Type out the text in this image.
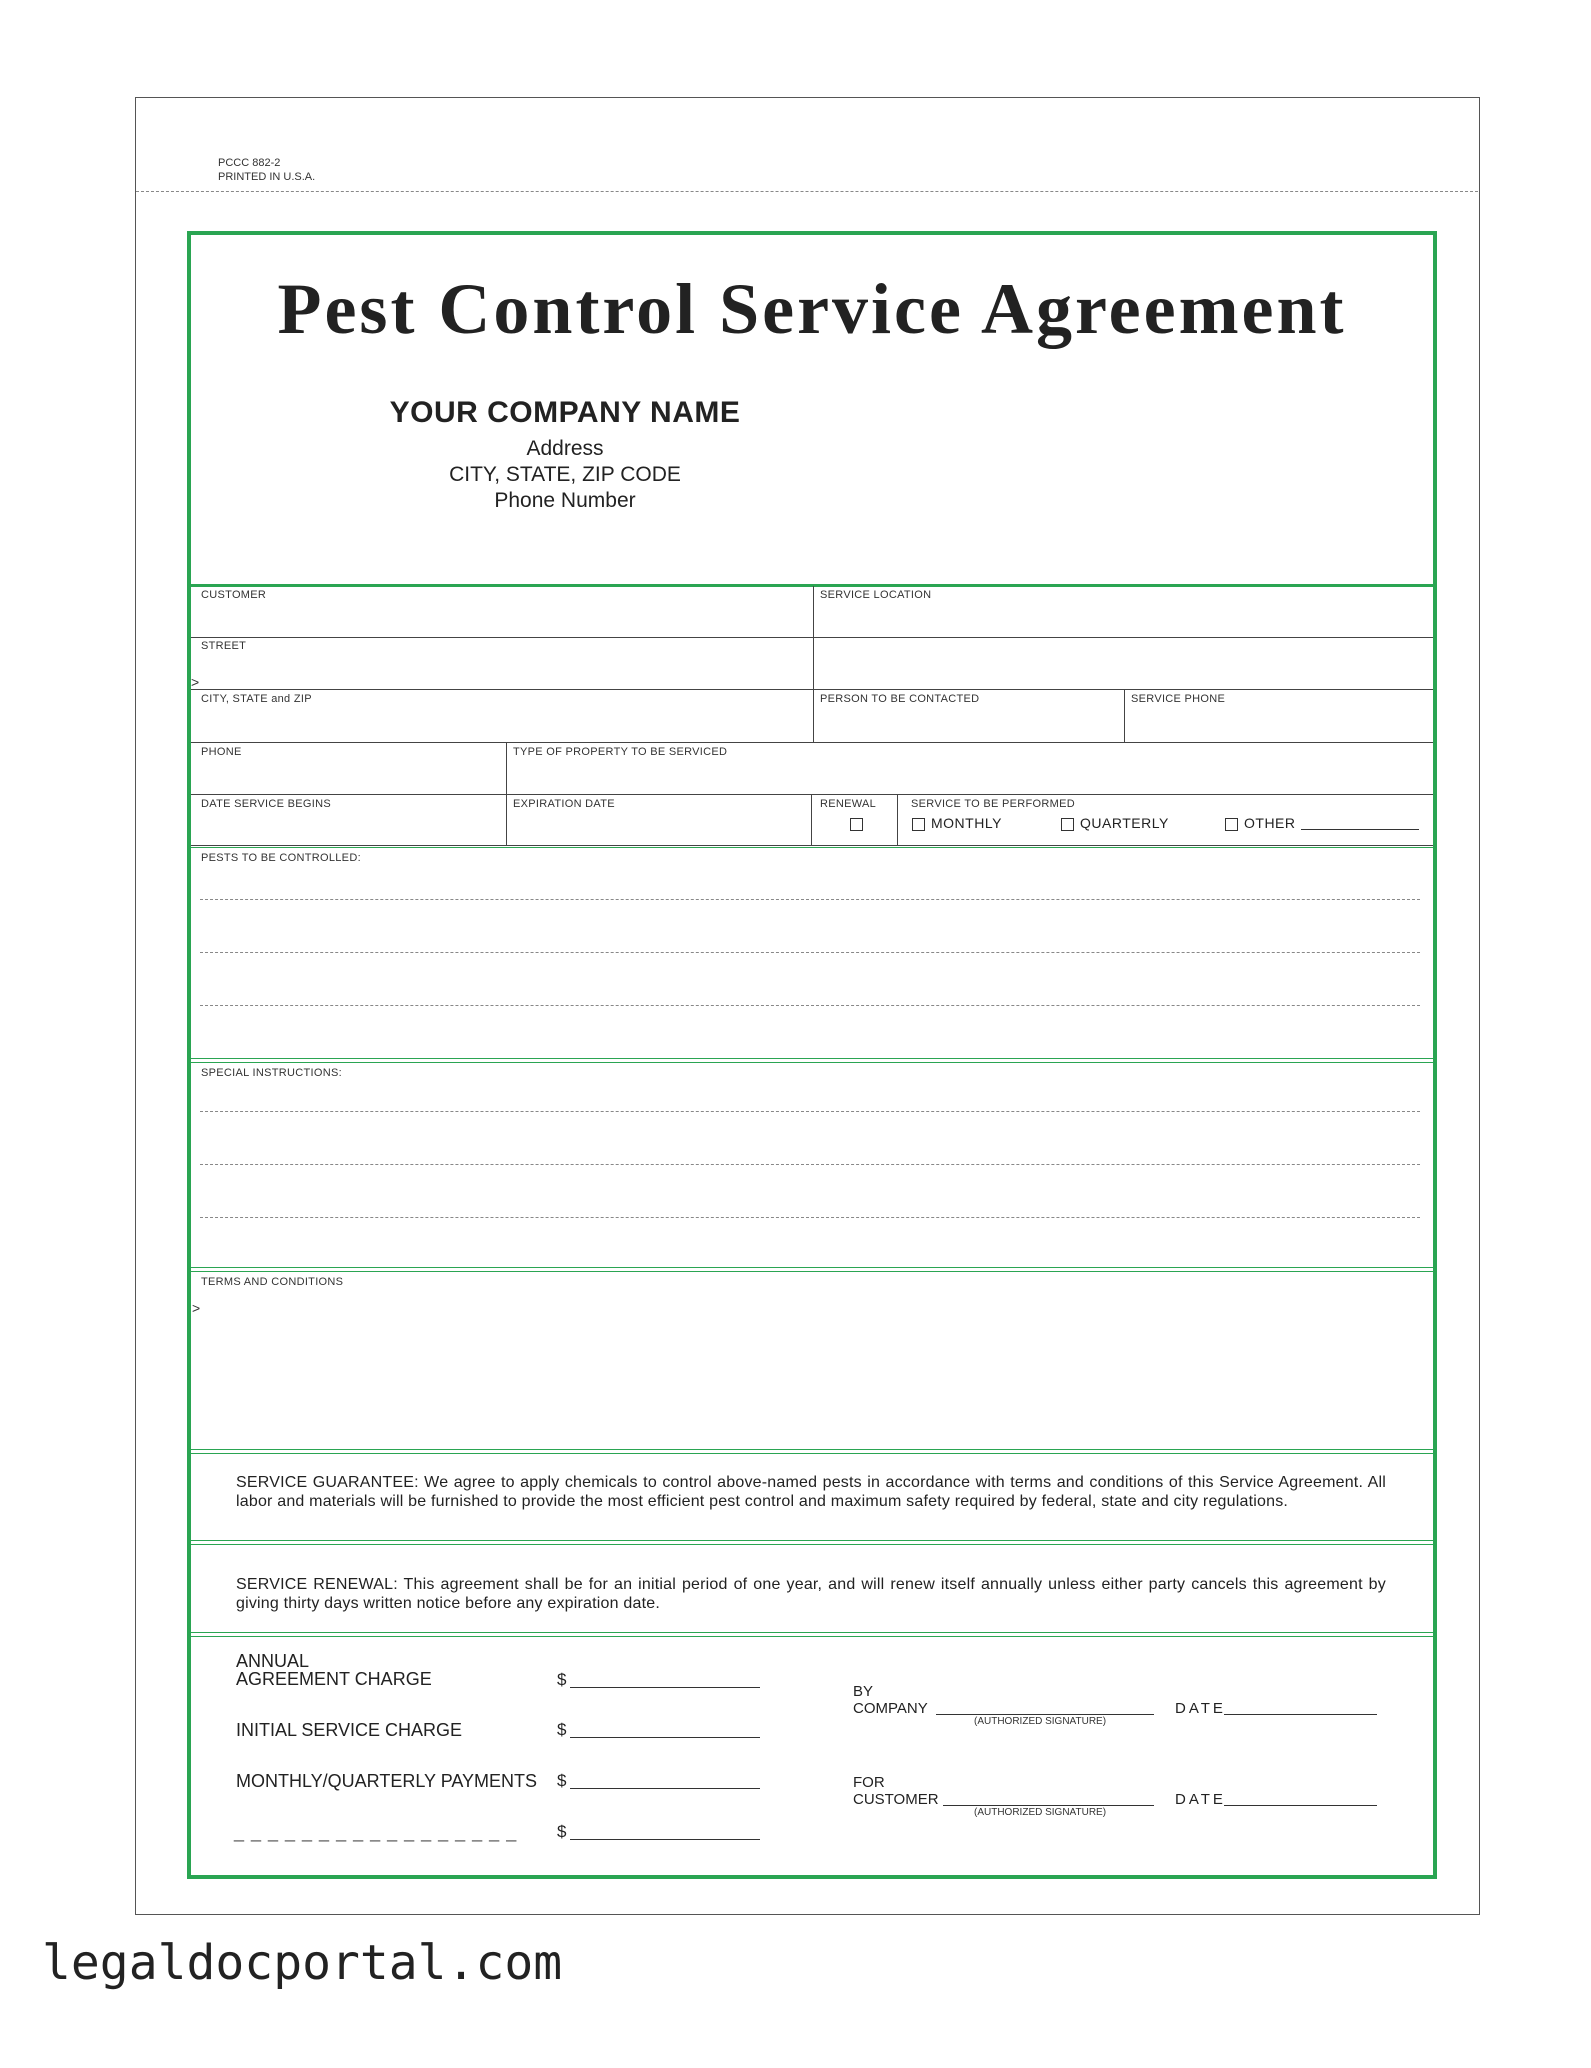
PCCC 882-2
PRINTED IN U.S.A.
Pest Control Service Agreement
YOUR COMPANY NAME
Address
CITY, STATE, ZIP CODE
Phone Number
CUSTOMER	SERVICE LOCATION
STREET
>
CITY, STATE and ZIP	PERSON TO BE CONTACTED	SERVICE PHONE
PHONE	TYPE OF PROPERTY TO BE SERVICED
DATE SERVICE BEGINS	EXPIRATION DATE	RENEWAL	SERVICE TO BE PERFORMED
MONTHLY	QUARTERLY	OTHER
PESTS TO BE CONTROLLED:
SPECIAL INSTRUCTIONS:
TERMS AND CONDITIONS
>
SERVICE GUARANTEE: We agree to apply chemicals to control above-named pests in accordance with terms and conditions of this Service Agreement. All labor and materials will be furnished to provide the most efficient pest control and maximum safety required by federal, state and city regulations.
SERVICE RENEWAL: This agreement shall be for an initial period of one year, and will renew itself annually unless either party cancels this agreement by giving thirty days written notice before any expiration date.
ANNUAL
AGREEMENT CHARGE	$
INITIAL SERVICE CHARGE	$
MONTHLY/QUARTERLY PAYMENTS $
_ _ _ _ _ _ _ _ _ _ _ _ _ _ _ _ _ $
BY
COMPANY
(AUTHORIZED SIGNATURE)
DATE
FOR
CUSTOMER
(AUTHORIZED SIGNATURE)
DATE
legaldocportal.com
